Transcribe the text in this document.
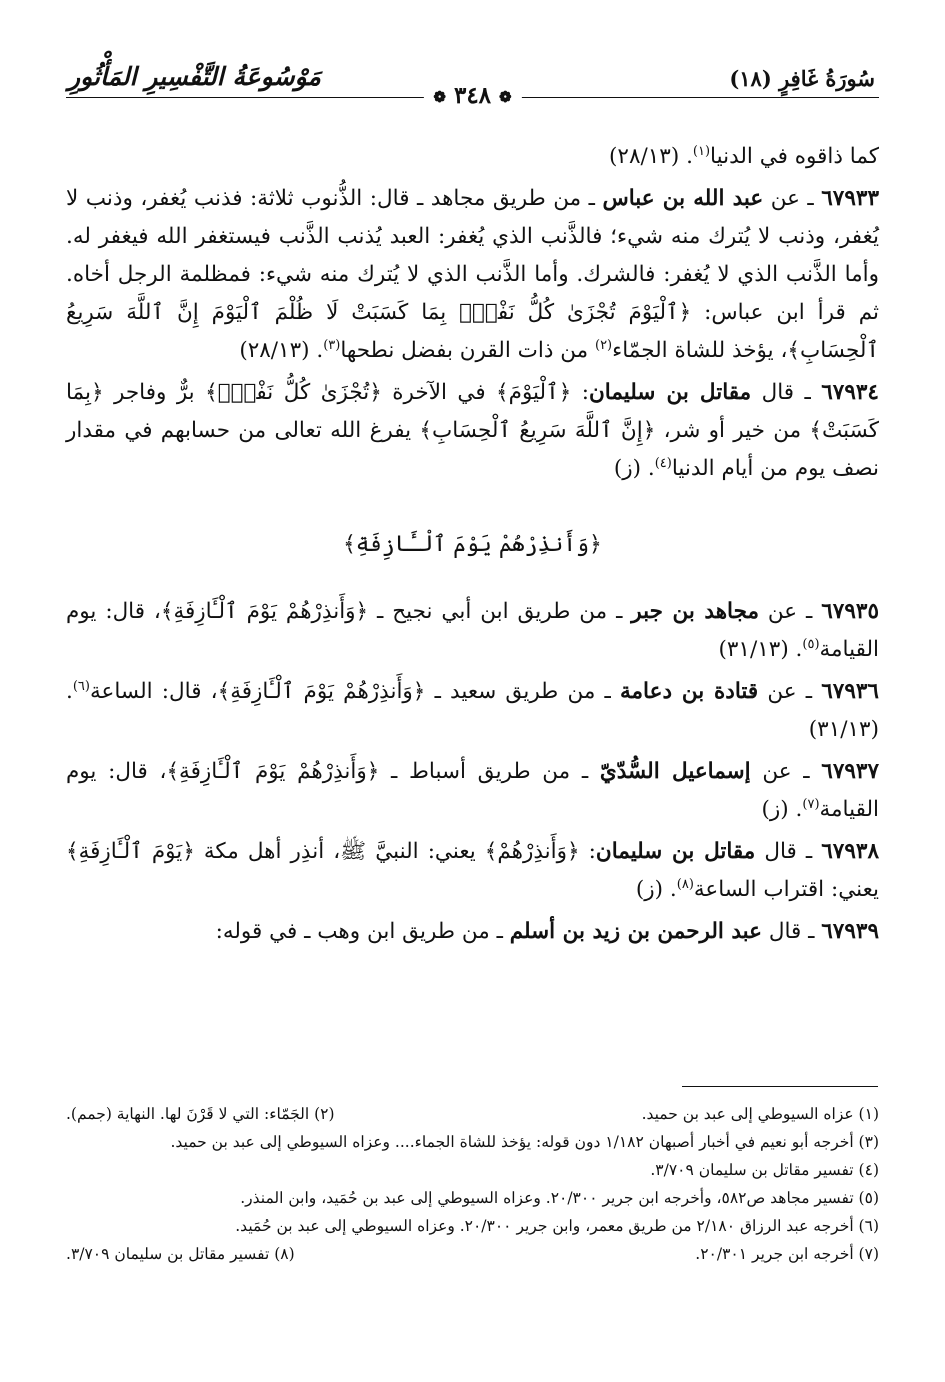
سُورَةُ غَافِرٍ (١٨)
مَوْسُوعَةُ التَّفْسِيرِ المَأْثُورِ
❁ ٣٤٨ ❁

كما ذاقوه في الدنيا$^{(١)}$. (٢٨/١٣)

٦٧٩٣٣ ـ عن عبد الله بن عباس ـ من طريق مجاهد ـ قال: الذُّنوب ثلاثة: فذنب يُغفر، وذنب لا يُغفر، وذنب لا يُترك منه شيء؛ فالذَّنب الذي يُغفر: العبد يُذنب الذَّنب فيستغفر الله فيغفر له. وأما الذَّنب الذي لا يُغفر: فالشرك. وأما الذَّنب الذي لا يُترك منه شيء: فمظلمة الرجل أخاه. ثم قرأ ابن عباس: ﴿ٱلْيَوْمَ تُجْزَىٰ كُلُّ نَفْسٍۭ بِمَا كَسَبَتْ لَا ظُلْمَ ٱلْيَوْمَ إِنَّ ٱللَّهَ سَرِيعُ ٱلْحِسَابِ﴾، يؤخذ للشاة الجمّاء$^{(٢)}$ من ذات القرن بفضل نطحها$^{(٣)}$. (٢٨/١٣)

٦٧٩٣٤ ـ قال مقاتل بن سليمان: ﴿ٱلْيَوْمَ﴾ في الآخرة ﴿تُجْزَىٰ كُلُّ نَفْسٍۭ﴾ برٌّ وفاجر ﴿بِمَا كَسَبَتْ﴾ من خير أو شر، ﴿إِنَّ ٱللَّهَ سَرِيعُ ٱلْحِسَابِ﴾ يفرغ الله تعالى من حسابهم في مقدار نصف يوم من أيام الدنيا$^{(٤)}$. (ز)

﴿وَأَنذِرْهُمْ يَوْمَ ٱلْـَٔازِفَةِ﴾

٦٧٩٣٥ ـ عن مجاهد بن جبر ـ من طريق ابن أبي نجيح ـ ﴿وَأَنذِرْهُمْ يَوْمَ ٱلْـَٔازِفَةِ﴾، قال: يوم القيامة$^{(٥)}$. (٣١/١٣)

٦٧٩٣٦ ـ عن قتادة بن دعامة ـ من طريق سعيد ـ ﴿وَأَنذِرْهُمْ يَوْمَ ٱلْـَٔازِفَةِ﴾، قال: الساعة$^{(٦)}$. (٣١/١٣)

٦٧٩٣٧ ـ عن إسماعيل السُّدّيّ ـ من طريق أسباط ـ ﴿وَأَنذِرْهُمْ يَوْمَ ٱلْـَٔازِفَةِ﴾، قال: يوم القيامة$^{(٧)}$. (ز)

٦٧٩٣٨ ـ قال مقاتل بن سليمان: ﴿وَأَنذِرْهُمْ﴾ يعني: النبيَّ ﷺ، أنذِر أهل مكة ﴿يَوْمَ ٱلْـَٔازِفَةِ﴾ يعني: اقتراب الساعة$^{(٨)}$. (ز)

٦٧٩٣٩ ـ قال عبد الرحمن بن زيد بن أسلم ـ من طريق ابن وهب ـ في قوله:

(١) عزاه السيوطي إلى عبد بن حميد.

(٢) الجَمّاء: التي لا قَرْنَ لها. النهاية (جمم).

(٣) أخرجه أبو نعيم في أخبار أصبهان ١/١٨٢ دون قوله: يؤخذ للشاة الجماء.... وعزاه السيوطي إلى عبد بن حميد.

(٤) تفسير مقاتل بن سليمان ٣/٧٠٩.

(٥) تفسير مجاهد ص٥٨٢، وأخرجه ابن جرير ٢٠/٣٠٠. وعزاه السيوطي إلى عبد بن حُمَيد، وابن المنذر.

(٦) أخرجه عبد الرزاق ٢/١٨٠ من طريق معمر، وابن جرير ٢٠/٣٠٠. وعزاه السيوطي إلى عبد بن حُمَيد.

(٧) أخرجه ابن جرير ٢٠/٣٠١.

(٨) تفسير مقاتل بن سليمان ٣/٧٠٩.
